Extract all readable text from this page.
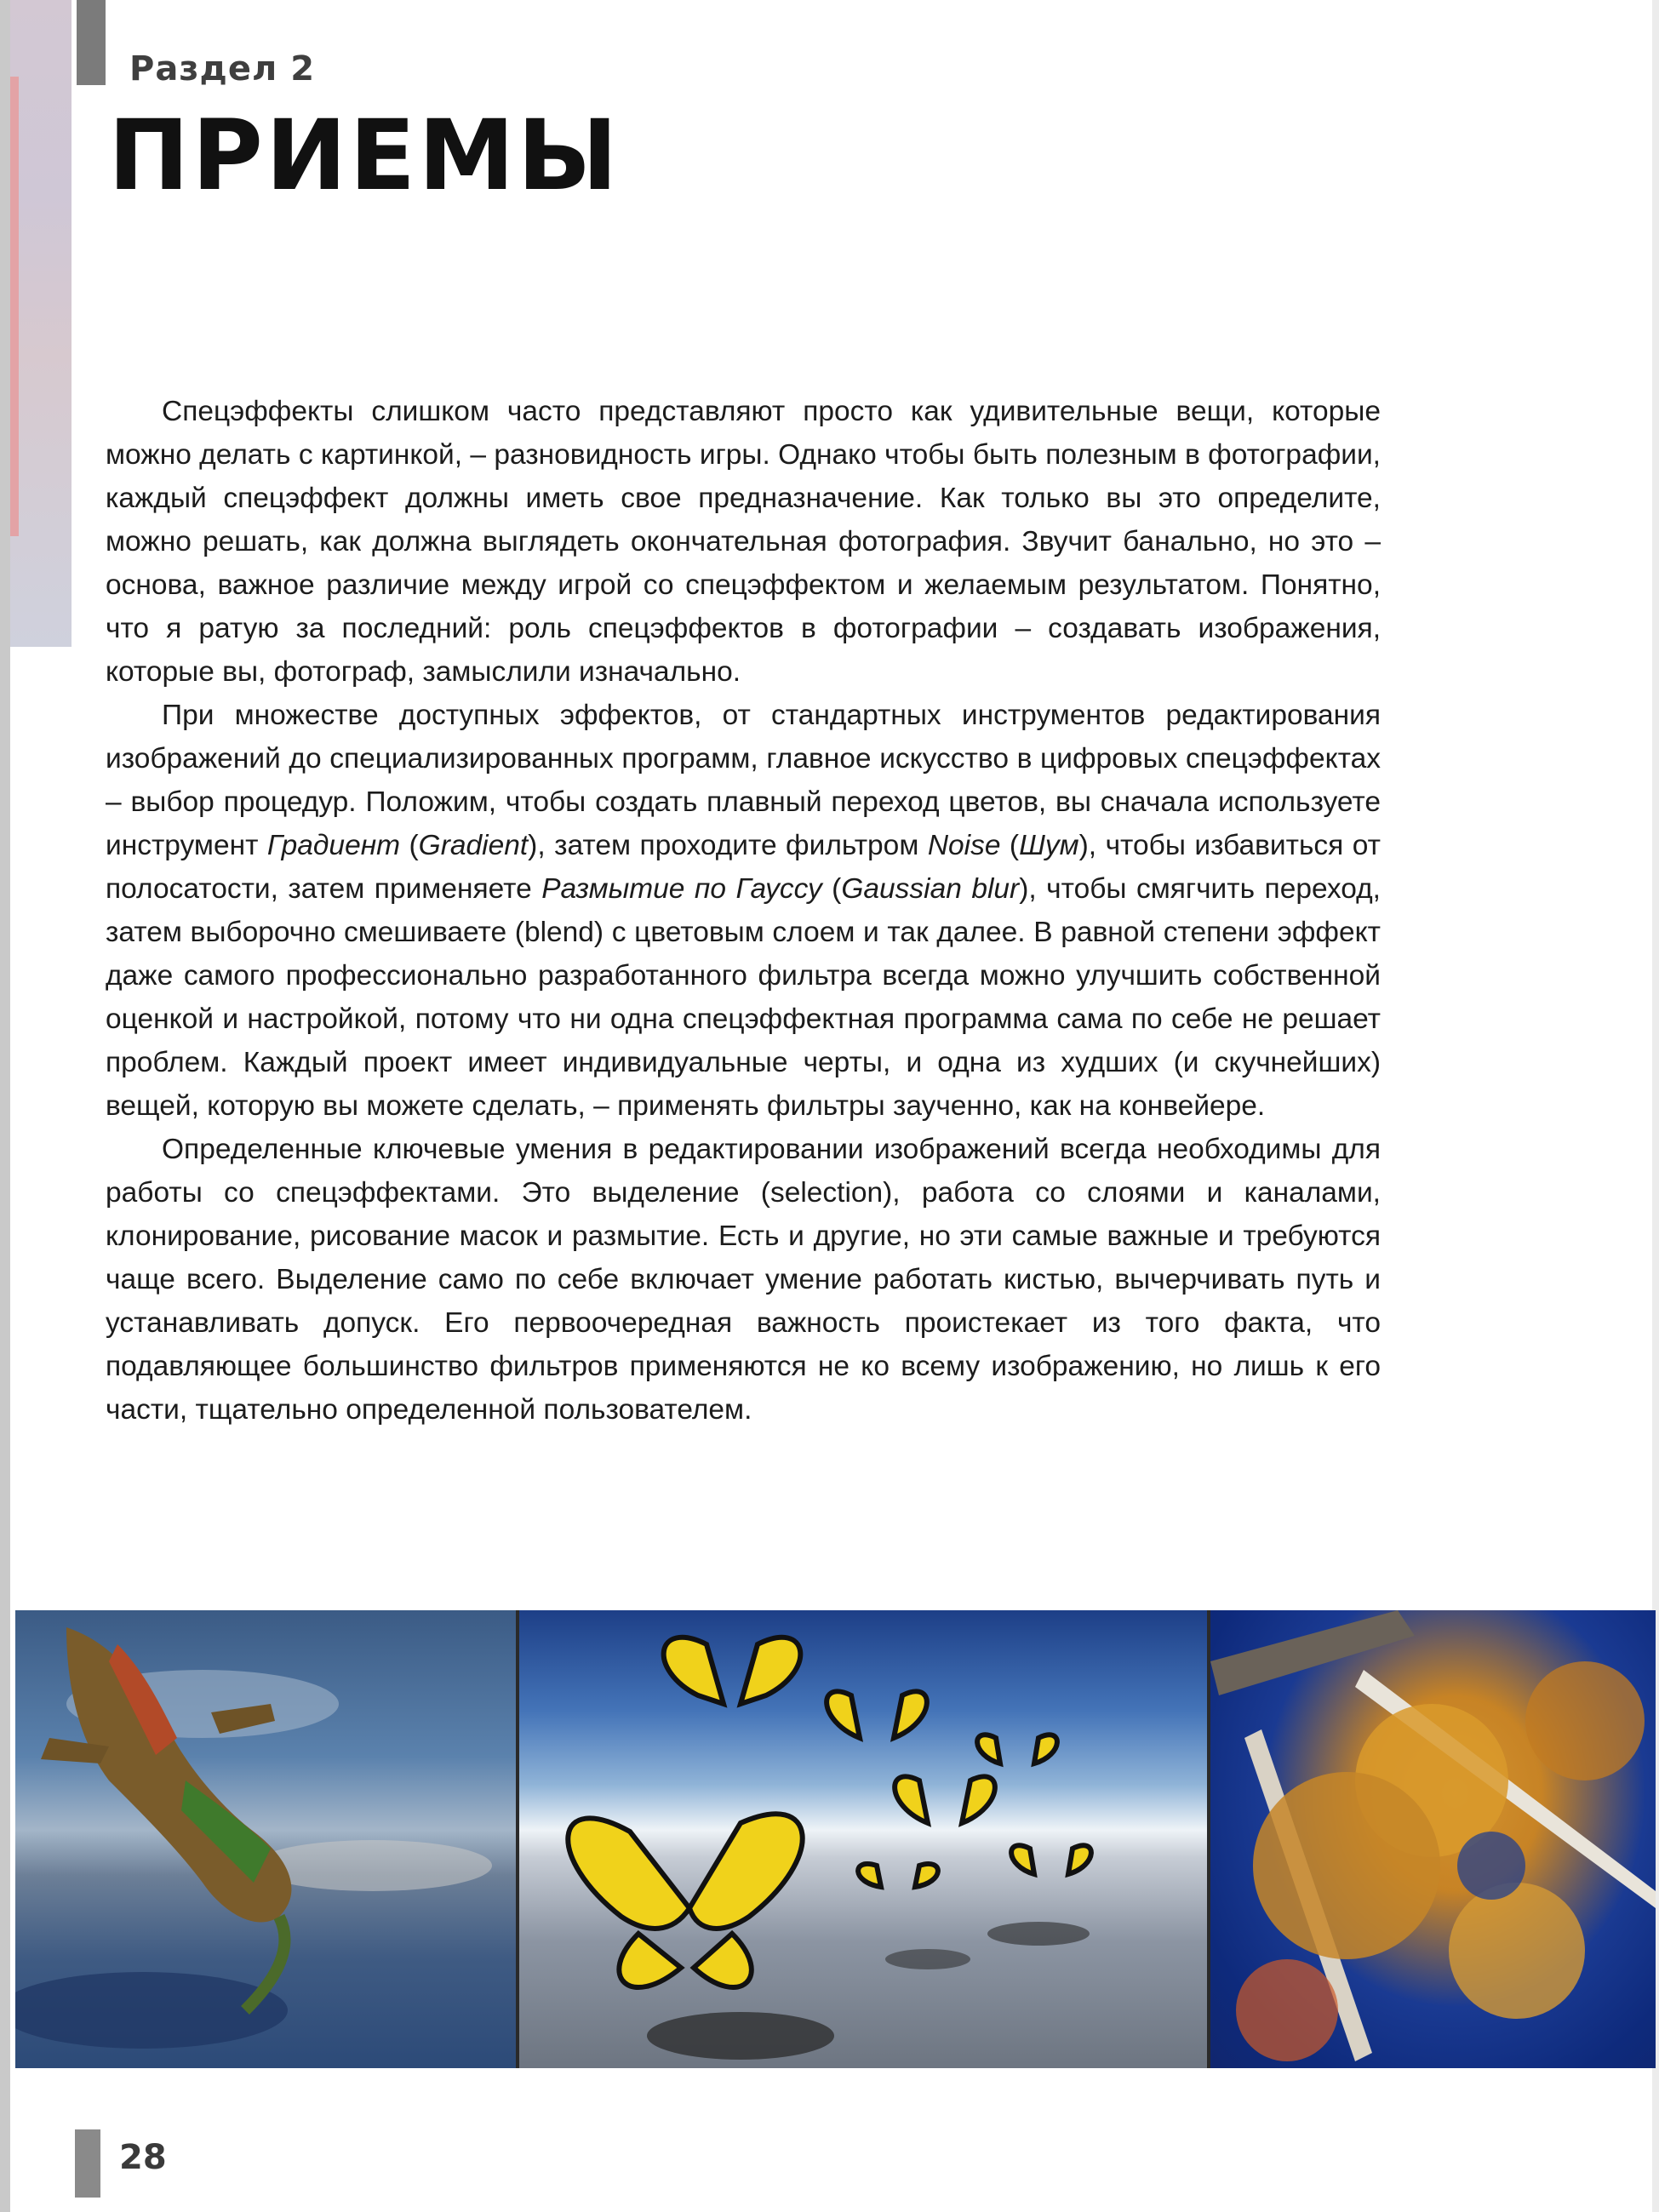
Раздел 2

ПРИЕМЫ

Спецэффекты слишком часто представляют просто как удивительные вещи, которые можно делать с картинкой, – разновидность игры. Однако чтобы быть полезным в фотографии, каждый спецэффект должны иметь свое предназначение. Как только вы это определите, можно решать, как должна выглядеть окончательная фотография. Звучит банально, но это – основа, важное различие между игрой со спецэффектом и желаемым результатом. Понятно, что я ратую за последний: роль спецэффектов в фотографии – создавать изображения, которые вы, фотограф, замыслили изначально.

При множестве доступных эффектов, от стандартных инструментов редактирования изображений до специализированных программ, главное искусство в цифровых спецэффектах – выбор процедур. Положим, чтобы создать плавный переход цветов, вы сначала используете инструмент Градиент (Gradient), затем проходите фильтром Noise (Шум), чтобы избавиться от полосатости, затем применяете Размытие по Гауссу (Gaussian blur), чтобы смягчить переход, затем выборочно смешиваете (blend) с цветовым слоем и так далее. В равной степени эффект даже самого профессионально разработанного фильтра всегда можно улучшить собственной оценкой и настройкой, потому что ни одна спецэффектная программа сама по себе не решает проблем. Каждый проект имеет индивидуальные черты, и одна из худших (и скучнейших) вещей, которую вы можете сделать, – применять фильтры заученно, как на конвейере.

Определенные ключевые умения в редактировании изображений всегда необходимы для работы со спецэффектами. Это выделение (selection), работа со слоями и каналами, клонирование, рисование масок и размытие. Есть и другие, но эти самые важные и требуются чаще всего. Выделение само по себе включает умение работать кистью, вычерчивать путь и устанавливать допуск. Его первоочередная важность проистекает из того факта, что подавляющее большинство фильтров применяются не ко всему изображению, но лишь к его части, тщательно определенной пользователем.

28
